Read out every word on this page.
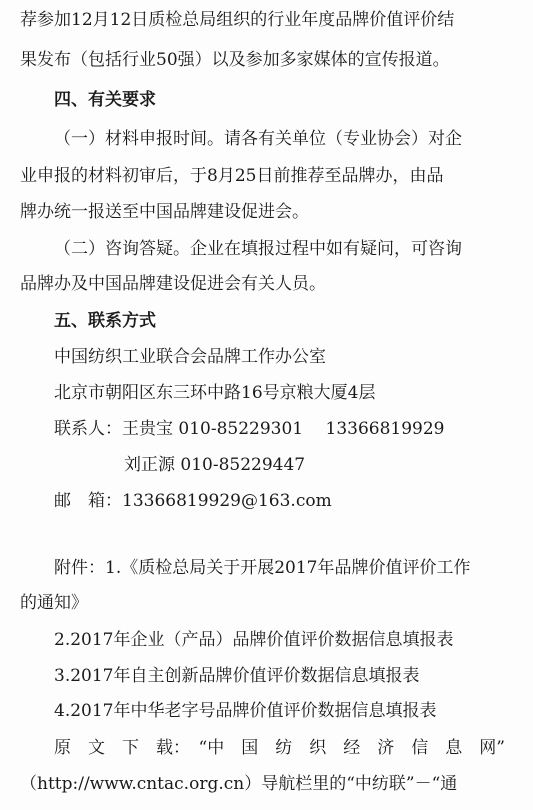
荐参加12月12日质检总局组织的行业年度品牌价值评价结
果发布（包括行业50强）以及参加多家媒体的宣传报道。
四、有关要求
（一）材料申报时间。请各有关单位（专业协会）对企
业申报的材料初审后，于8月25日前推荐至品牌办，由品
牌办统一报送至中国品牌建设促进会。
（二）咨询答疑。企业在填报过程中如有疑问，可咨询
品牌办及中国品牌建设促进会有关人员。
五、联系方式
中国纺织工业联合会品牌工作办公室
北京市朝阳区东三环中路16号京粮大厦4层
联系人：王贵宝 010-85229301　 13366819929
刘正源 010-85229447
邮　箱：13366819929@163.com
附件：1.《质检总局关于开展2017年品牌价值评价工作
的通知》
2.2017年企业（产品）品牌价值评价数据信息填报表
3.2017年自主创新品牌价值评价数据信息填报表
4.2017年中华老字号品牌价值评价数据信息填报表
原　文　下　载：　“中　国　纺　织　经　济　信　息　网”
（http://www.cntac.org.cn）导航栏里的“中纺联”－“通
